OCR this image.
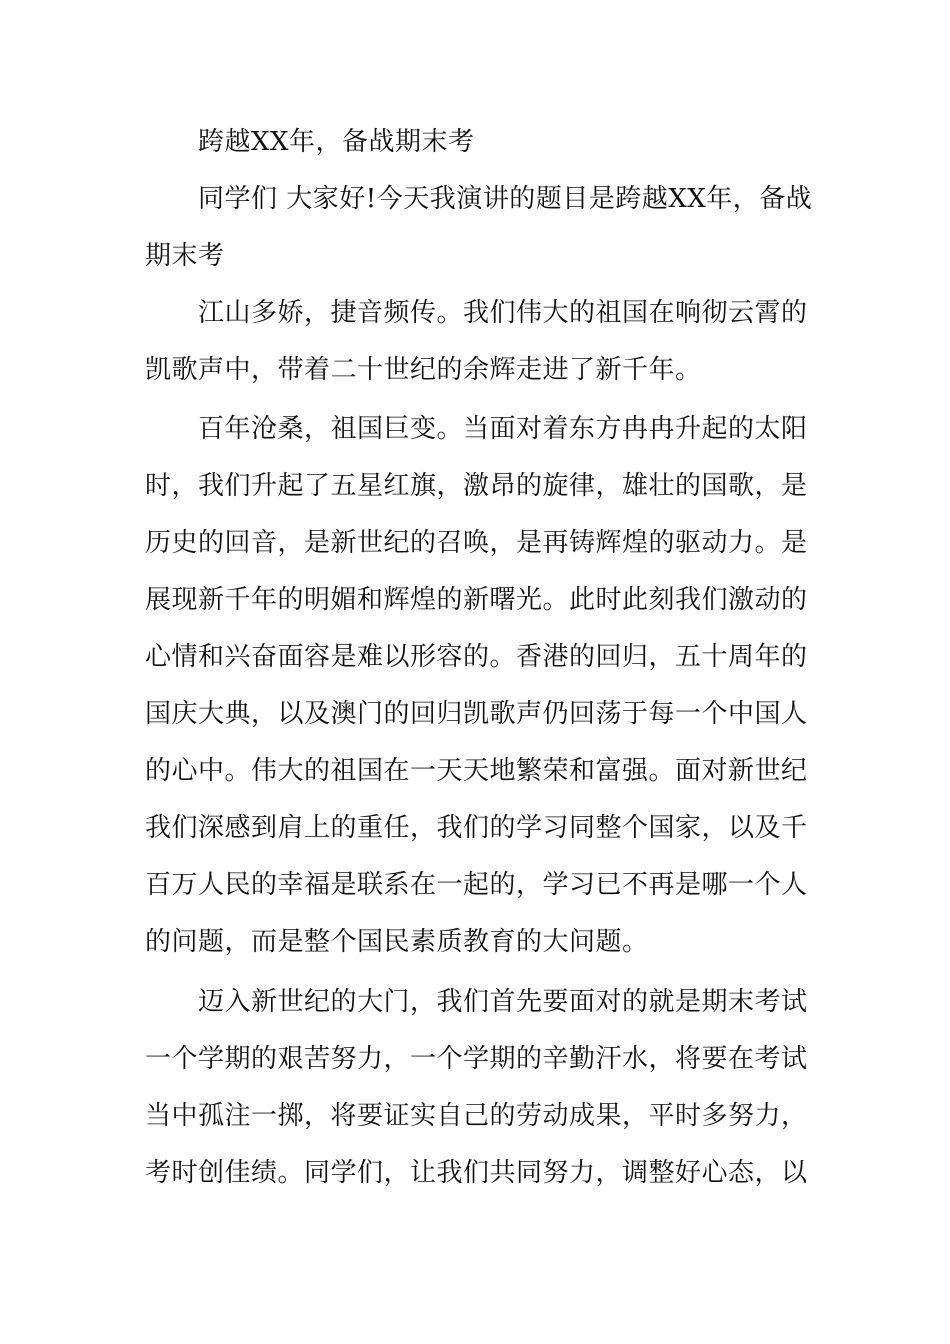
跨越XX年，备战期末考
同学们 大家好!今天我演讲的题目是跨越XX年，备战
期末考
江山多娇，捷音频传。我们伟大的祖国在响彻云霄的
凯歌声中，带着二十世纪的余辉走进了新千年。
百年沧桑，祖国巨变。当面对着东方冉冉升起的太阳
时，我们升起了五星红旗，激昂的旋律，雄壮的国歌，是
历史的回音，是新世纪的召唤，是再铸辉煌的驱动力。是
展现新千年的明媚和辉煌的新曙光。此时此刻我们激动的
心情和兴奋面容是难以形容的。香港的回归，五十周年的
国庆大典，以及澳门的回归凯歌声仍回荡于每一个中国人
的心中。伟大的祖国在一天天地繁荣和富强。面对新世纪
我们深感到肩上的重任，我们的学习同整个国家，以及千
百万人民的幸福是联系在一起的，学习已不再是哪一个人
的问题，而是整个国民素质教育的大问题。
迈入新世纪的大门，我们首先要面对的就是期末考试
一个学期的艰苦努力，一个学期的辛勤汗水，将要在考试
当中孤注一掷，将要证实自己的劳动成果，平时多努力，
考时创佳绩。同学们，让我们共同努力，调整好心态，以
